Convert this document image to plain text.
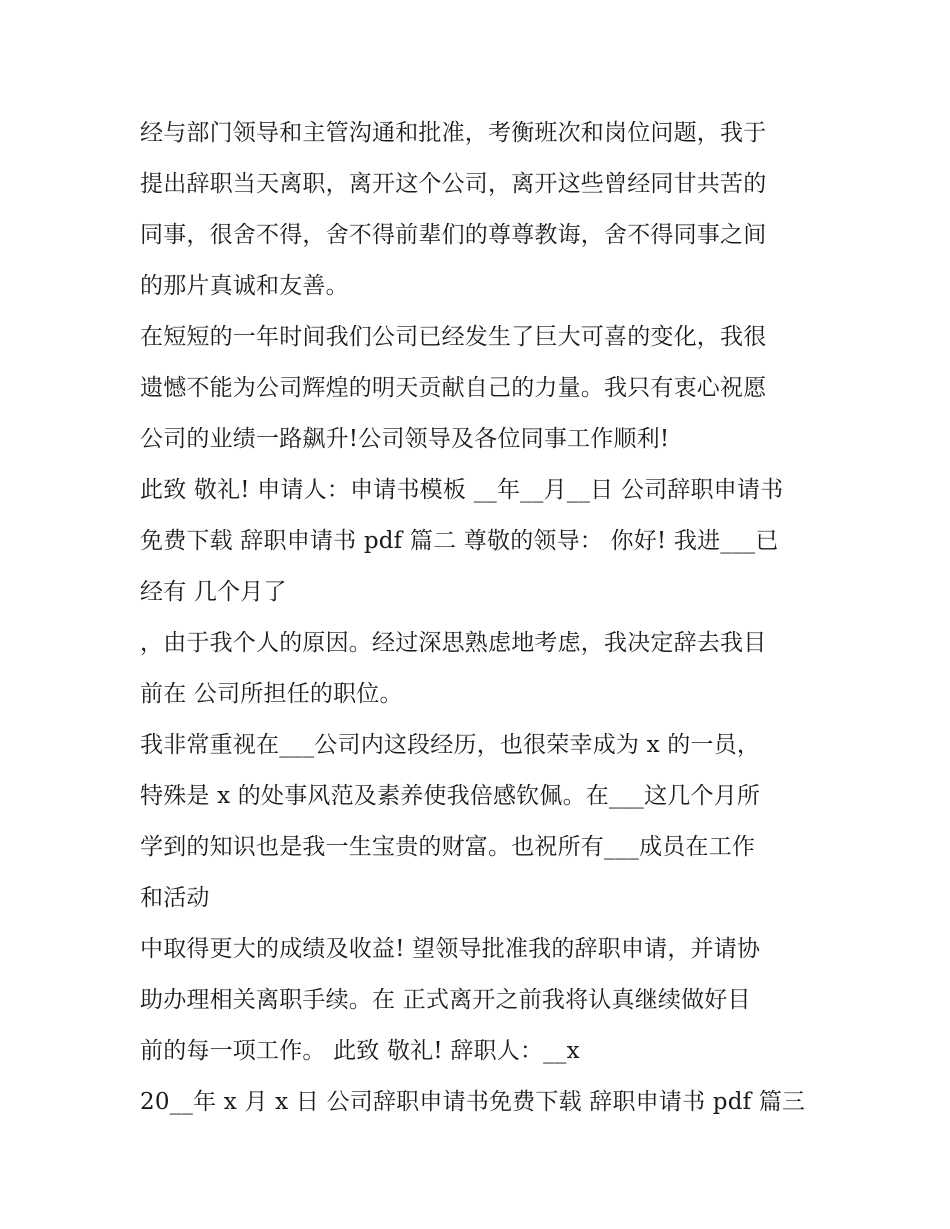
经与部门领导和主管沟通和批准，考衡班次和岗位问题，我于
提出辞职当天离职，离开这个公司，离开这些曾经同甘共苦的
同事，很舍不得，舍不得前辈们的尊尊教诲，舍不得同事之间
的那片真诚和友善。
在短短的一年时间我们公司已经发生了巨大可喜的变化，我很
遗憾不能为公司辉煌的明天贡献自己的力量。我只有衷心祝愿
公司的业绩一路飙升!公司领导及各位同事工作顺利!
此致 敬礼! 申请人：申请书模板 __年__月__日 公司辞职申请书
免费下载 辞职申请书 pdf 篇二 尊敬的领导： 你好! 我进___已
经有 几个月了
，由于我个人的原因。经过深思熟虑地考虑，我决定辞去我目
前在 公司所担任的职位。
我非常重视在___公司内这段经历，也很荣幸成为 x 的一员，
特殊是 x 的处事风范及素养使我倍感钦佩。在___这几个月所
学到的知识也是我一生宝贵的财富。也祝所有___成员在工作
和活动
中取得更大的成绩及收益! 望领导批准我的辞职申请，并请协
助办理相关离职手续。在 正式离开之前我将认真继续做好目
前的每一项工作。 此致 敬礼! 辞职人：__x
20__年 x 月 x 日 公司辞职申请书免费下载 辞职申请书 pdf 篇三
